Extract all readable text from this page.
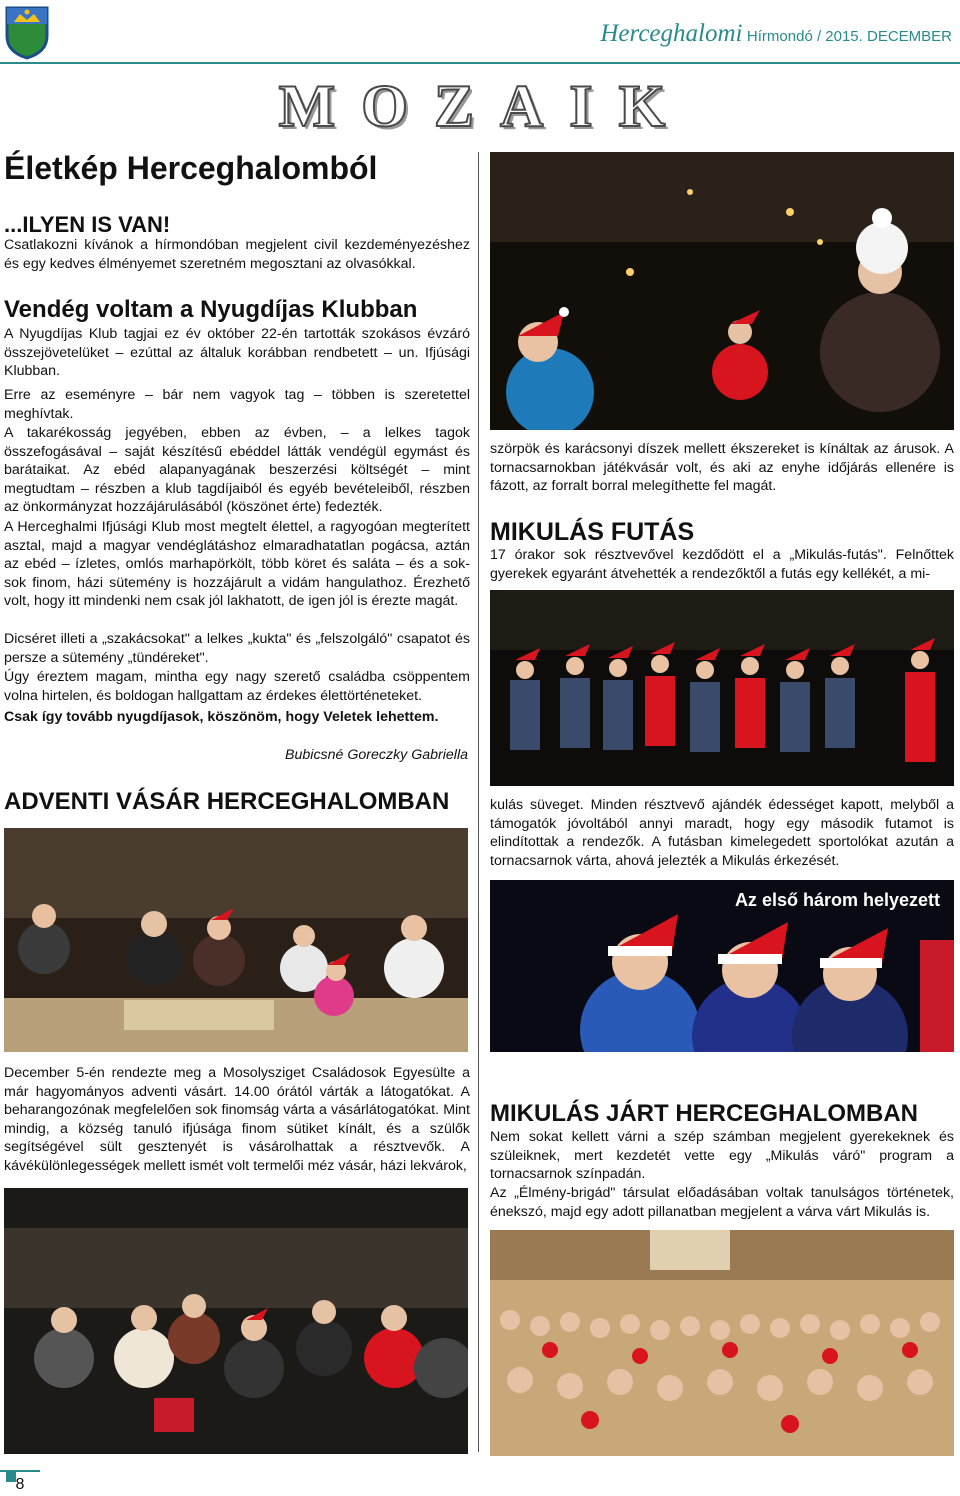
Herceghalomi Hírmondó / 2015. DECEMBER
MOZAIK
Életkép Herceghalomból
...ILYEN IS VAN!
Csatlakozni kívánok a hírmondóban megjelent civil kezdeményezéshez és egy kedves élményemet szeretném megosztani az olvasókkal.
Vendég voltam a Nyugdíjas Klubban
A Nyugdíjas Klub tagjai ez év október 22-én tartották szokásos évzáró összejövetelüket – ezúttal az általuk korábban rendbetett – un. Ifjúsági Klubban.
Erre az eseményre – bár nem vagyok tag – többen is szeretettel meghívtak.
A takarékosság jegyében, ebben az évben, – a lelkes tagok összefogásával – saját készítésű ebéddel látták vendégül egymást és barátaikat. Az ebéd alapanyagának beszerzési költségét – mint megtudtam – részben a klub tagdíjaiból és egyéb bevételeiből, részben az önkormányzat hozzájárulásából (köszönet érte) fedezték.
A Herceghalmi Ifjúsági Klub most megtelt élettel, a ragyogóan megterített asztal, majd a magyar vendéglátáshoz elmaradhatatlan pogácsa, aztán az ebéd – ízletes, omlós marhapörkölt, több köret és saláta – és a sok-sok finom, házi sütemény is hozzájárult a vidám hangulathoz. Érezhető volt, hogy itt mindenki nem csak jól lakhatott, de igen jól is érezte magát.
Dicséret illeti a „szakácsokat" a lelkes „kukta" és „felszolgáló" csapatot és persze a sütemény „tündéreket".
Úgy éreztem magam, mintha egy nagy szerető családba csöppentem volna hirtelen, és boldogan hallgattam az érdekes élettörténeteket.
Csak így tovább nyugdíjasok, köszönöm, hogy Veletek lehettem.
Bubicsné Goreczky Gabriella
ADVENTI VÁSÁR HERCEGHALOMBAN
December 5-én rendezte meg a Mosolysziget Családosok Egyesülte a már hagyományos adventi vásárt. 14.00 órától várták a látogatókat. A beharangozónak megfelelően sok finomság várta a vásárlátogatókat. Mint mindig, a község tanuló ifjúsága finom sütiket kínált, és a szülők segítségével sült gesztenyét is vásárolhattak a résztvevők. A kávékülönlegességek mellett ismét volt termelői méz vásár, házi lekvárok,
szörpök és karácsonyi díszek mellett ékszereket is kínáltak az árusok. A tornacsarnokban játékvásár volt, és aki az enyhe időjárás ellenére is fázott, az forralt borral melegíthette fel magát.
MIKULÁS FUTÁS
17 órakor sok résztvevővel kezdődött el a „Mikulás-futás". Felnőttek gyerekek egyaránt átvehették a rendezőktől a futás egy kellékét, a mi-
kulás süveget. Minden résztvevő ajándék édességet kapott, melyből a támogatók jóvoltából annyi maradt, hogy egy második futamot is elindítottak a rendezők. A futásban kimelegedett sportolókat azután a tornacsarnok várta, ahová jelezték a Mikulás érkezését.
Az első három helyezett
MIKULÁS JÁRT HERCEGHALOMBAN
Nem sokat kellett várni a szép számban megjelent gyerekeknek és szüleiknek, mert kezdetét vette egy „Mikulás váró" program a tornacsarnok színpadán.
Az „Élmény-brigád" társulat előadásában voltak tanulságos történetek, énekszó, majd egy adott pillanatban megjelent a várva várt Mikulás is.
8
